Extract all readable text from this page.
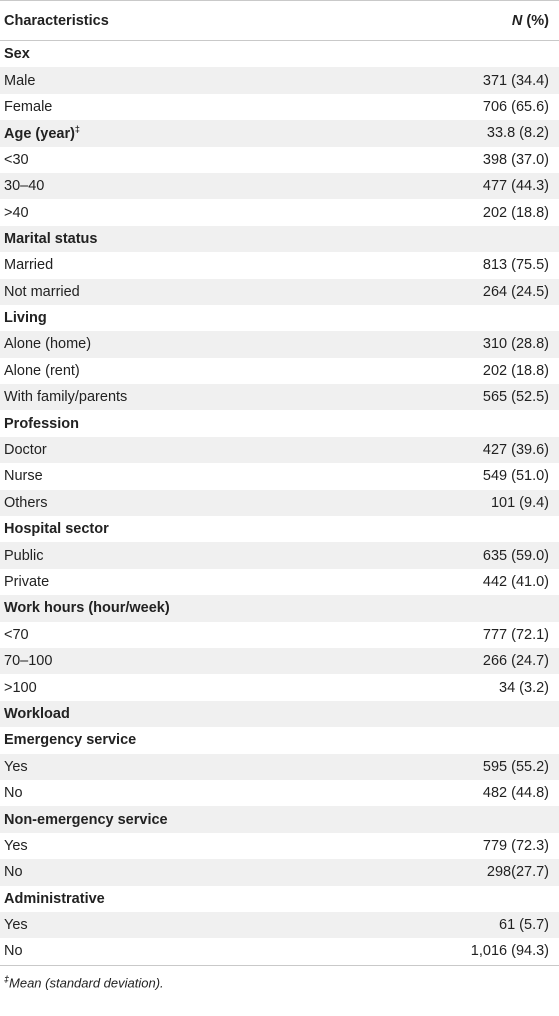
Characteristics	N (%)
Sex
Male	371 (34.4)
Female	706 (65.6)
Age (year)‡	33.8 (8.2)
<30	398 (37.0)
30–40	477 (44.3)
>40	202 (18.8)
Marital status
Married	813 (75.5)
Not married	264 (24.5)
Living
Alone (home)	310 (28.8)
Alone (rent)	202 (18.8)
With family/parents	565 (52.5)
Profession
Doctor	427 (39.6)
Nurse	549 (51.0)
Others	101 (9.4)
Hospital sector
Public	635 (59.0)
Private	442 (41.0)
Work hours (hour/week)
<70	777 (72.1)
70–100	266 (24.7)
>100	34 (3.2)
Workload
Emergency service
Yes	595 (55.2)
No	482 (44.8)
Non-emergency service
Yes	779 (72.3)
No	298(27.7)
Administrative
Yes	61 (5.7)
No	1,016 (94.3)
‡Mean (standard deviation).
